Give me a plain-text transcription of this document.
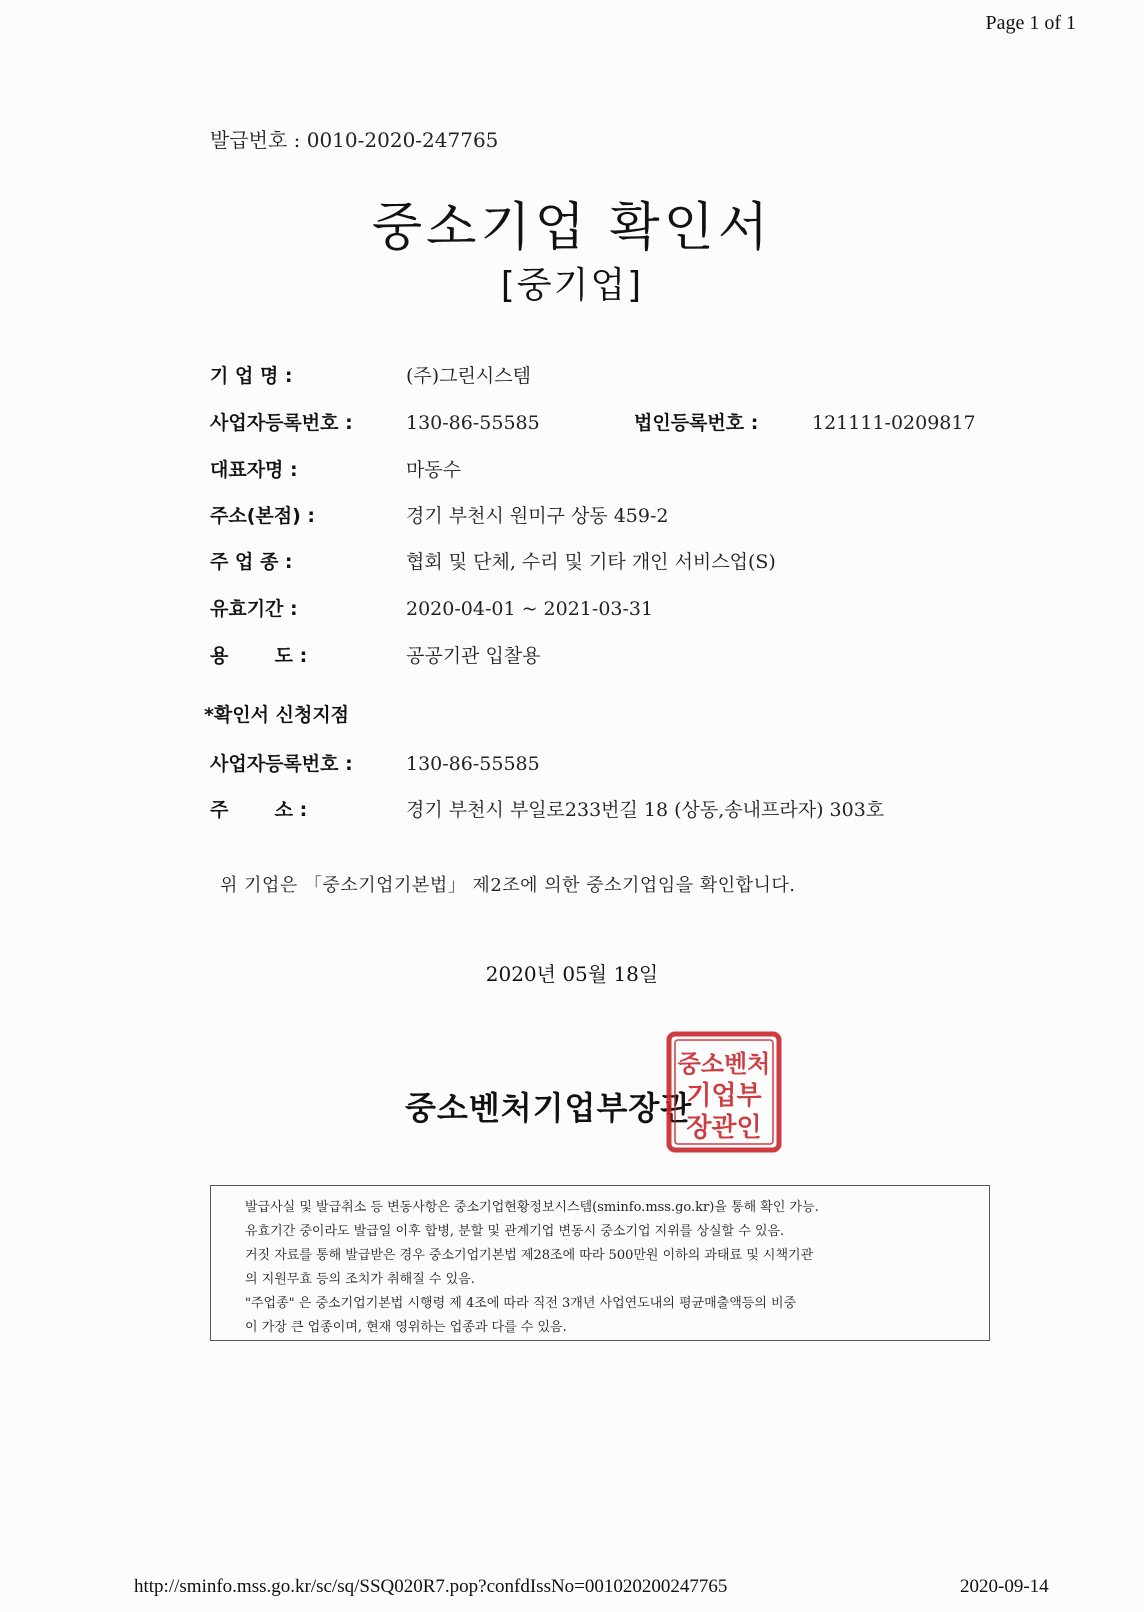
Page 1 of 1
발급번호 : 0010-2020-247765
중소기업 확인서
[중기업]
기 업 명 :	(주)그린시스템
사업자등록번호 :	130-86-55585	법인등록번호 :	121111-0209817
대표자명 :	마동수
주소(본점) :	경기 부천시 원미구 상동 459-2
주 업 종 :	협회 및 단체, 수리 및 기타 개인 서비스업(S)
유효기간 :	2020-04-01 ~ 2021-03-31
용       도 :	공공기관 입찰용
*확인서 신청지점
사업자등록번호 :	130-86-55585
주       소 :	경기 부천시 부일로233번길 18 (상동,송내프라자) 303호
위 기업은 「중소기업기본법」 제2조에 의한 중소기업임을 확인합니다.
2020년 05월 18일
중소벤처기업부장관
중소벤처
기업부
장관인
발급사실 및 발급취소 등 변동사항은 중소기업현황정보시스템(sminfo.mss.go.kr)을 통해 확인 가능.
유효기간 중이라도 발급일 이후 합병, 분할 및 관계기업 변동시 중소기업 지위를 상실할 수 있음.
거짓 자료를 통해 발급받은 경우 중소기업기본법 제28조에 따라 500만원 이하의 과태료 및 시책기관
의 지원무효 등의 조치가 취해질 수 있음.
"주업종" 은 중소기업기본법 시행령 제 4조에 따라 직전 3개년 사업연도내의 평균매출액등의 비중
이 가장 큰 업종이며, 현재 영위하는 업종과 다를 수 있음.
http://sminfo.mss.go.kr/sc/sq/SSQ020R7.pop?confdIssNo=001020200247765	2020-09-14
